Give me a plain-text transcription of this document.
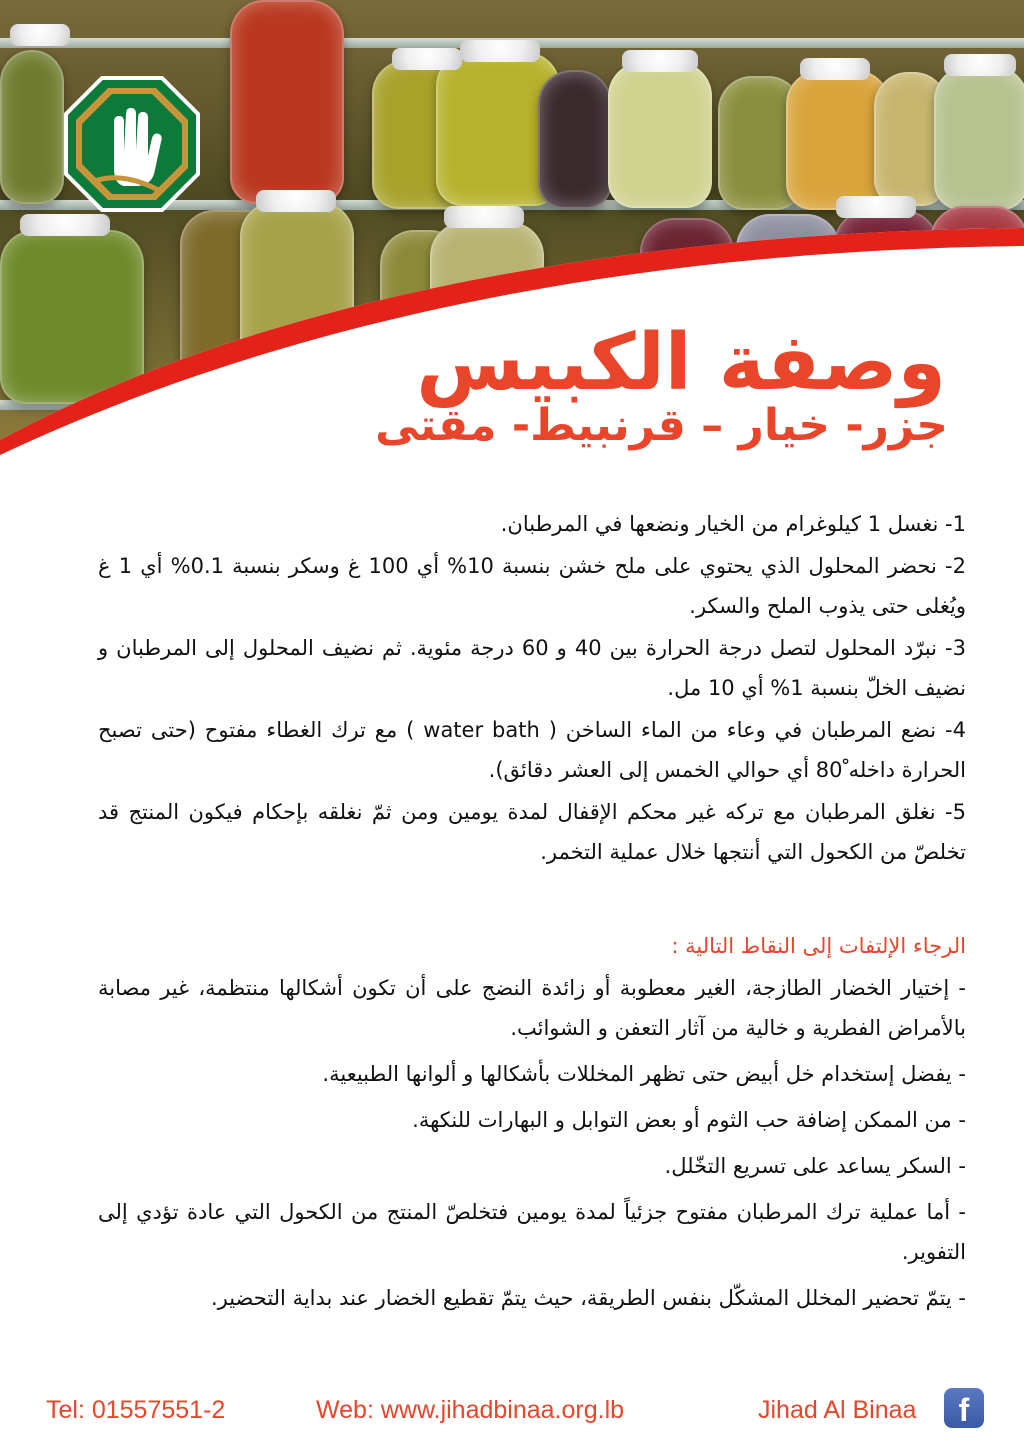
وصفة الكبيس
جزر- خيار – قرنبيط- مقتى
1- نغسل 1 كيلوغرام من الخيار ونضعها في المرطبان.
2- نحضر المحلول الذي يحتوي على ملح خشن بنسبة 10% أي 100 غ وسكر بنسبة 0.1% أي 1 غ ويُغلى حتى يذوب الملح والسكر.
3- نبرّد المحلول لتصل درجة الحرارة بين 40 و 60 درجة مئوية. ثم نضيف المحلول إلى المرطبان و نضيف الخلّ بنسبة 1% أي 10 مل.
4- نضع المرطبان في وعاء من الماء الساخن ( water bath ) مع ترك الغطاء مفتوح (حتى تصبح الحرارة داخله ْ80 أي حوالي الخمس إلى العشر دقائق).
5- نغلق المرطبان مع تركه غير محكم الإقفال لمدة يومين ومن ثمّ نغلقه بإحكام فيكون المنتج قد تخلصّ من الكحول التي أنتجها خلال عملية التخمر.

الرجاء الإلتفات إلى النقاط التالية :

- إختيار الخضار الطازجة، الغير معطوبة أو زائدة النضج على أن تكون أشكالها منتظمة، غير مصابة بالأمراض الفطرية و خالية من آثار التعفن و الشوائب.
- يفضل إستخدام خل أبيض حتى تظهر المخللات بأشكالها و ألوانها الطبيعية.
- من الممكن إضافة حب الثوم أو بعض التوابل و البهارات للنكهة.
- السكر يساعد على تسريع التخّلل.
- أما عملية ترك المرطبان مفتوح جزئياً لمدة يومين فتخلصّ المنتج من الكحول التي عادة تؤدي إلى التفوير.
- يتمّ تحضير المخلل المشكّل بنفس الطريقة، حيث يتمّ تقطيع الخضار عند بداية التحضير.
Tel: 01557551-2	Web: www.jihadbinaa.org.lb	Jihad Al Binaa	f
